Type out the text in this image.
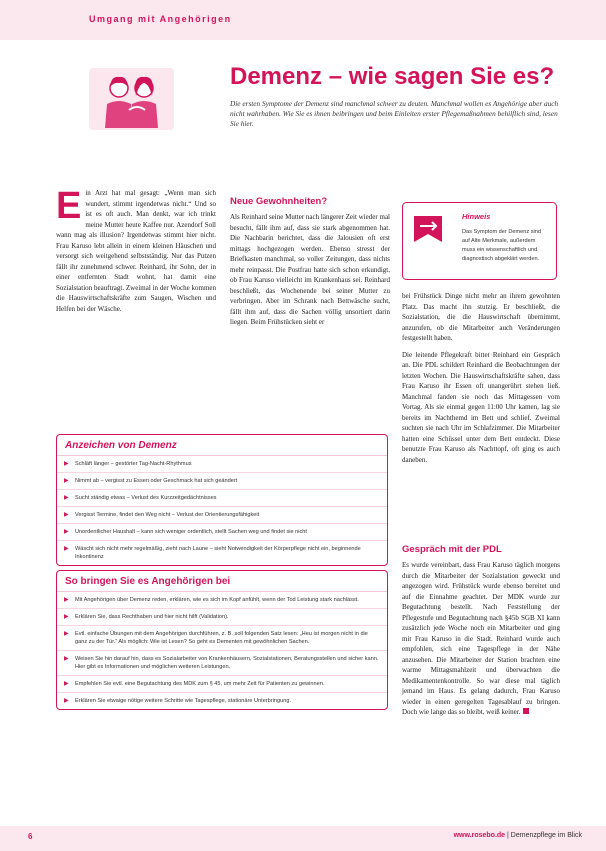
Umgang mit Angehörigen
Demenz – wie sagen Sie es?
Die ersten Symptome der Demenz sind manchmal schwer zu deuten. Manchmal wollen es Angehörige aber auch nicht wahrhaben. Wie Sie es ihnen beibringen und beim Einleiten erster Pflegemaßnahmen behilflich sind, lesen Sie hier.
E in Arzt hat mal gesagt: „Wenn man sich wundert, stimmt irgendetwas nicht.“ Und so ist es oft auch. Man denkt, war ich trinkt meine Mutter heute Kaffee nur. Azendorf Soll wann mag als illusion? Irgendetwas stimmt hier nicht. Frau Karuso lebt allein in einem kleinen Häuschen und versorgt sich weitgehend selbstständig. Nur das Putzen fällt ihr zunehmend schwer. Reinhard, ihr Sohn, der in einer entfernten Stadt wohnt, hat damit eine Sozialstation beauftragt. Zweimal in der Woche kommen die Hauswirtschaftskräfte zum Saugen, Wischen und Helfen bei der Wäsche.
Neue Gewohnheiten?
Als Reinhard seine Mutter nach längerer Zeit wieder mal besucht, fällt ihm auf, dass sie stark abgenommen hat. Die Nachbarin berichtet, dass die Jalousien oft erst mittags hochgezogen werden. Ebenso stresst der Briefkasten manchmal, so voller Zeitungen, dass nichts mehr reinpasst. Die Postfrau hatte sich schon erkundigt, ob Frau Karuso vielleicht im Krankenhaus sei. Reinhard beschließt, das Wochenende bei seiner Mutter zu verbringen. Aber im Schrank nach Bettwäsche sucht, fällt ihm auf, dass die Sachen völlig unsortiert darin liegen. Beim Frühstücken sieht er
Hinweis
Das Symptom der Demenz sind auf Alte Merkmale, außerdem muss ein wissenschaftlich und diagnostisch abgeklärt werden.

bei Frühstück Dinge nicht mehr an ihrem gewohnten Platz. Das macht ihn stutzig. Er beschließt, die Sozialstation, die die Hauswirtschaft übernimmt, anzurufen, ob die Mitarbeiter auch Veränderungen festgestellt haben.

Die leitende Pflegekraft bittet Reinhard ein Gespräch an. Die PDL schildert Reinhard die Beobachtungen der letzten Wochen. Die Hauswirtschaftskräfte sahen, dass Frau Karuso ihr Essen oft unangerührt stehen ließ. Manchmal fanden sie noch das Mittagessen vom Vortag. Als sie einmal gegen 11:00 Uhr kamen, lag sie bereits im Nachthemd im Bett und schlief. Zweimal suchten sie nach Uhr im Schlafzimmer. Die Mitarbeiter hatten eine Schüssel unter dem Bett entdeckt. Diese benutzte Frau Karuso als Nachttopf, oft ging es auch daneben.

Gespräch mit der PDL
Es wurde vereinbart, dass Frau Karuso täglich morgens durch die Mitarbeiter der Sozialstation geweckt und angezogen wird. Frühstück wurde ebenso bereitet und auf die Einnahme geachtet. Der MDK wurde zur Begutachtung bestellt. Nach Feststellung der Pflegestufe und Begutachtung nach §45b SGB XI kann zusätzlich jede Woche noch ein Mitarbeiter und ging mit Frau Karuso in die Stadt. Reinhard wurde auch empfohlen, sich eine Tagespflege in der Nähe anzusehen. Die Mitarbeiter der Station brachten eine warme Mittagsmahlzeit und überwachten die Medikamentenkontrolle. So war diese mal täglich jemand im Haus. Es gelang dadurch, Frau Karuso wieder in einen geregelten Tagesablauf zu bringen. Doch wie lange das so bleibt, weiß keiner.
Anzeichen von Demenz
▶ Schläft länger – gestörter Tag-Nacht-Rhythmus
▶ Nimmt ab – vergisst zu Essen oder Geschmack hat sich geändert
▶ Sucht ständig etwas – Verlust des Kurzzeitgedächtnisses
▶ Vergisst Termine, findet den Weg nicht – Verlust der Orientierungsfähigkeit
▶ Unordentlicher Haushalt – kann sich weniger ordentlich, stellt Sachen weg und findet sie nicht
▶ Wäscht sich nicht mehr regelmäßig, zieht nach Laune – sieht Notwendigkeit der Körperpflege nicht ein, beginnende Inkontinenz
So bringen Sie es Angehörigen bei
▶ Mit Angehörigen über Demenz reden, erklären, wie es sich im Kopf anfühlt, wenn der Tod Leistung stark nachlässt.
▶ Erklären Sie, dass Rechthaben und hier nicht hilft (Validation).
▶ Evtl. einfache Übungen mit dem Angehörigen durchführen, z. B. soll folgenden Satz lesen: „Heu ist morgen nicht in die ganz zu der Tür.“ Als möglich: Wie ist Lesen? So geht es Dementen mit gewöhnlichen Sachen.
▶ Weisen Sie hin darauf hin, dass es Sozialarbeiter von Krankenhäusern, Sozialstationen, Beratungsstellen und sicher kann. Hier gibt es Informationen und möglichen weiteren Leistungen.
▶ Empfehlen Sie evtl. eine Begutachtung des MDK zum § 45, um mehr Zeit für Patienten zu gewinnen.
▶ Erklären Sie etwaige nötige weitere Schritte wie Tagespflege, stationäre Unterbringung.
6	www.rosebo.de | Demenzpflege im Blick
